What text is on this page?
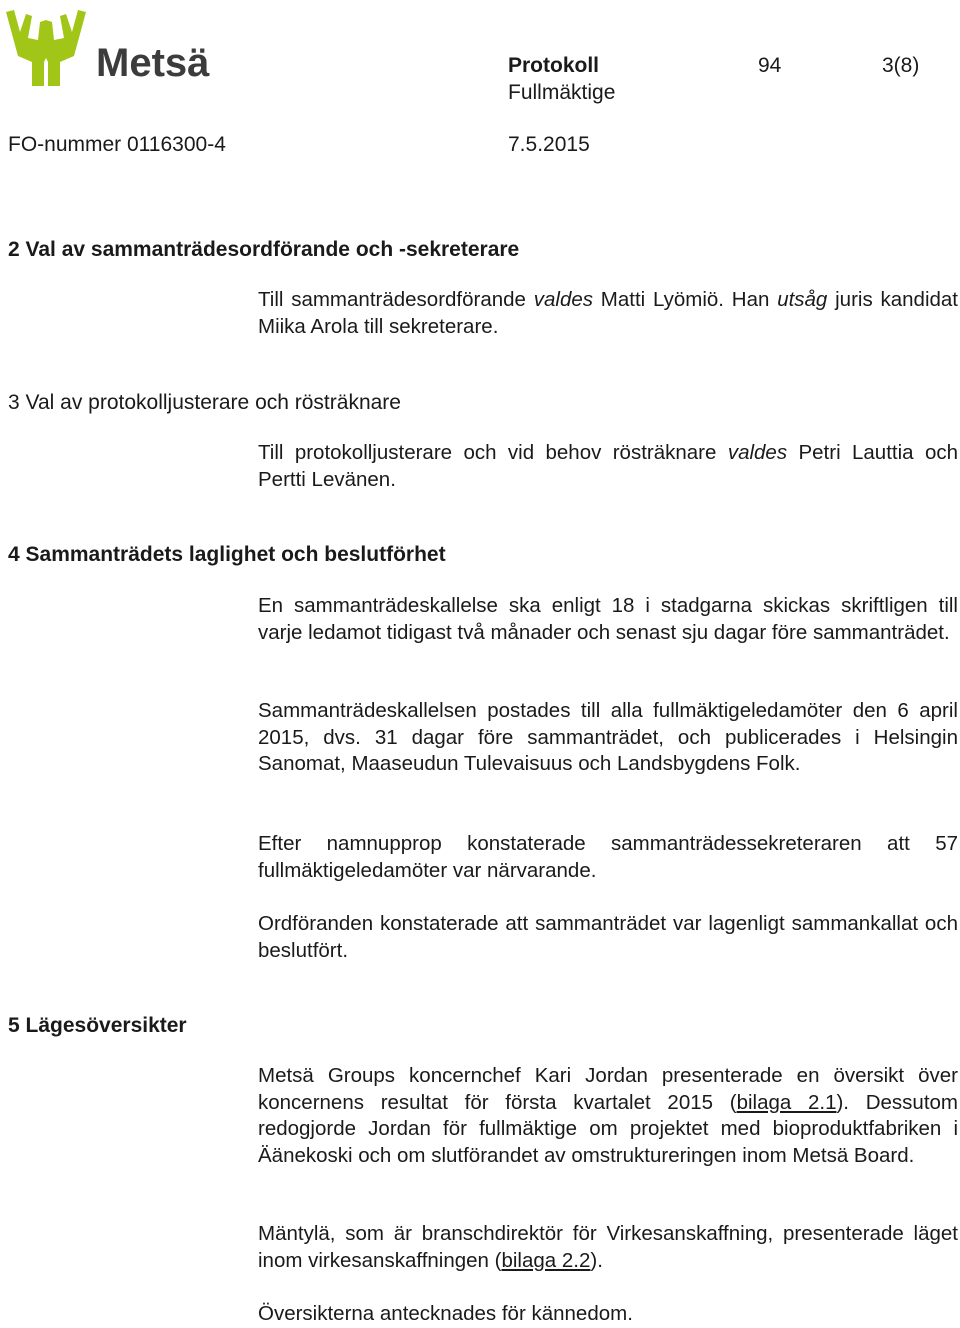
Metsä	Protokoll	94	3(8)
Fullmäktige
FO-nummer 0116300-4	7.5.2015
2 Val av sammanträdesordförande och -sekreterare
Till sammanträdesordförande valdes Matti Lyömiö. Han utsåg juris kandidat Miika Arola till sekreterare.
3 Val av protokolljusterare och rösträknare
Till protokolljusterare och vid behov rösträknare valdes Petri Lauttia och Pertti Levänen.
4 Sammanträdets laglighet och beslutförhet
En sammanträdeskallelse ska enligt 18 i stadgarna skickas skriftligen till varje ledamot tidigast två månader och senast sju dagar före sammanträdet.
Sammanträdeskallelsen postades till alla fullmäktigeledamöter den 6 april 2015, dvs. 31 dagar före sammanträdet, och publicerades i Helsingin Sanomat, Maaseudun Tulevaisuus och Landsbygdens Folk.
Efter namnupprop konstaterade sammanträdessekreteraren att 57 fullmäktigeledamöter var närvarande.
Ordföranden konstaterade att sammanträdet var lagenligt sammankallat och beslutfört.
5 Lägesöversikter
Metsä Groups koncernchef Kari Jordan presenterade en översikt över koncernens resultat för första kvartalet 2015 (bilaga 2.1). Dessutom redogjorde Jordan för fullmäktige om projektet med bioproduktfabriken i Äänekoski och om slutförandet av omstruktureringen inom Metsä Board.
Mäntylä, som är branschdirektör för Virkesanskaffning, presenterade läget inom virkesanskaffningen (bilaga 2.2).
Översikterna antecknades för kännedom.
